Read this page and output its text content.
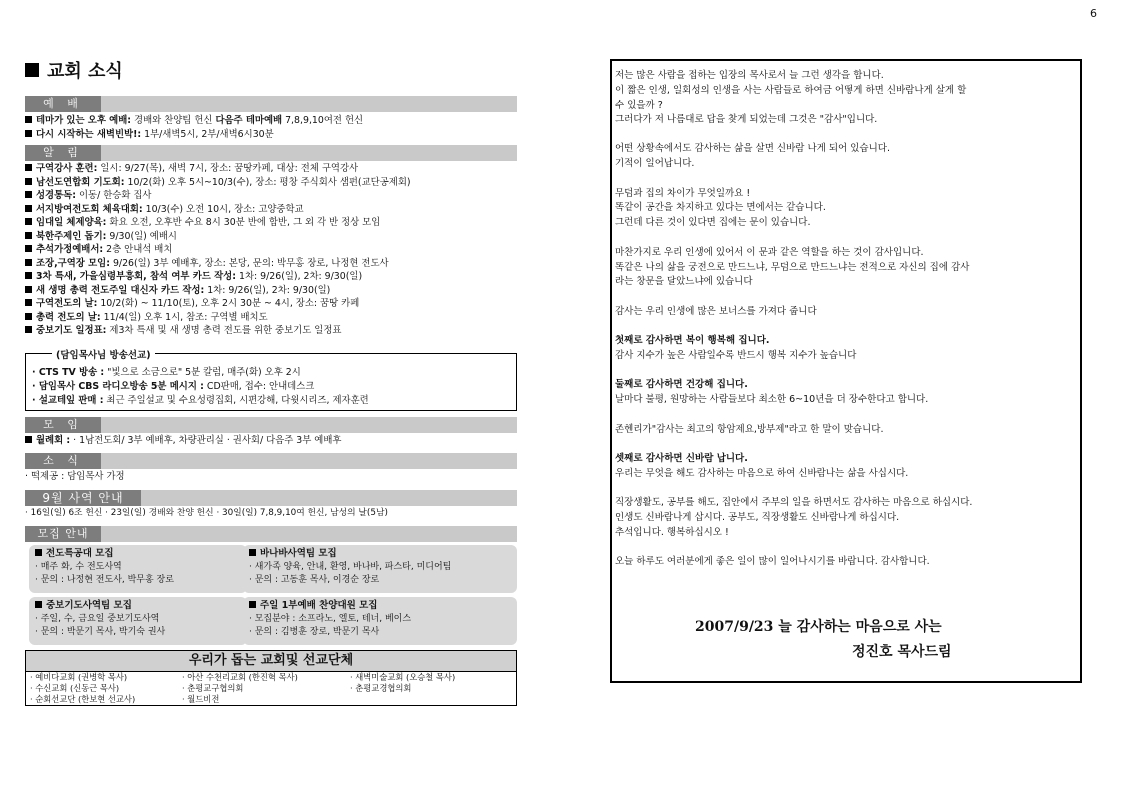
6
교회 소식
예 배
테마가 있는 오후 예배: 경배와 찬양팀 헌신 다음주 테마예배 7,8,9,10여전 헌신
다시 시작하는 새벽빈박!: 1부/새벽5시, 2부/새벽6시30분
알 림
구역강사 훈련: 일시: 9/27(목), 새벽 7시, 장소: 꿈땅카페, 대상: 전체 구역강사
남선도연합회 기도회: 10/2(화) 오후 5시~10/3(수), 장소: 평창 주식회사 샘펀(교단공제회)
성경통독: 이동/ 한승화 집사
서지방여전도회 체육대회: 10/3(수) 오전 10시, 장소: 고양중학교
임대일 체제양육: 화요 오전, 오후반 수요 8시 30분 반에 합반, 그 외 각 반 정상 모임
북한주제인 돕기: 9/30(일) 예배시
추석가정예배서: 2층 안내석 배치
조장,구역장 모임: 9/26(일) 3부 예배후, 장소: 본당, 문의: 박무홍 장로, 나정현 전도사
3차 특새, 가을심령부흥회, 참석 여부 카드 작성: 1차: 9/26(일), 2차: 9/30(일)
새 생명 총력 전도주일 대신자 카드 작성: 1차: 9/26(일), 2차: 9/30(일)
구역전도의 날: 10/2(화) ~ 11/10(토), 오후 2시 30분 ~ 4시, 장소: 꿈땅 카페
총력 전도의 날: 11/4(일) 오후 1시, 참조: 구역별 배치도
중보기도 일정표: 제3차 특새 및 새 생명 총력 전도를 위한 중보기도 일정표
(담임목사님 방송선교)
· CTS TV 방송 : "빛으로 소금으로" 5분 칼럼, 매주(화) 오후 2시
· 담임목사 CBS 라디오방송 5분 메시지 : CD판매, 접수: 안내데스크
· 설교테잎 판매 : 최근 주일설교 및 수요성령집회, 시편강해, 다윗시리즈, 제자훈련
모 임
월례회 : · 1남전도회/ 3부 예배후, 차량관리실 · 권사회/ 다음주 3부 예배후
소 식
· 떡제공 : 담임목사 가정
9월 사역 안내
· 16일(일) 6조 헌신 · 23일(일) 경배와 찬양 헌신 · 30일(일) 7,8,9,10여 헌신, 남성의 날(5남)
모집 안내
전도특공대 모집
· 매주 화, 수 전도사역
· 문의 : 나정현 전도사, 박무홍 장로
바나바사역팀 모집
· 새가족 양육, 안내, 환영, 바나바, 파스타, 미디어팀
· 문의 : 고동훈 목사, 이경순 장로
중보기도사역팀 모집
· 주일, 수, 금요일 중보기도사역
· 문의 : 박문기 목사, 박기숙 권사
주일 1부예배 찬양대원 모집
· 모집분야 : 소프라노, 엘토, 테너, 베이스
· 문의 : 김병훈 장로, 박문기 목사
우리가 돕는 교회및 선교단체
· 예비다교회 (권병학 목사)	· 아산 수천리교회 (한진혁 목사)	· 새벽미술교회 (오승철 목사)
· 수신교회 (신동근 목사)	· 춘평교구협의회	· 춘평교경협의회
· 순회선교단 (한보현 선교사)	· 월드비전
2007/9/23 늘 감사하는 마음으로 사는
정진호 목사드림
저는 많은 사람을 접하는 입장의 목사로서 늘 그런 생각을 합니다.
이 짧은 인생, 일회성의 인생을 사는 사람들로 하여금 어떻게 하면 신바람나게 살게 할
수 있을까 ?
그러다가 저 나름대로 답을 찾게 되었는데 그것은 "감사"입니다.
어떤 상황속에서도 감사하는 삶을 살면 신바람 나게 되어 있습니다.
기적이 일어납니다.
무덤과 집의 차이가 무엇일까요 !
똑같이 공간을 차지하고 있다는 면에서는 같습니다.
그런데 다른 것이 있다면 집에는 문이 있습니다.
마찬가지로 우리 인생에 있어서 이 문과 같은 역할을 하는 것이 감사입니다.
똑같은 나의 삶을 궁전으로 만드느냐, 무덤으로 만드느냐는 전적으로 자신의 집에 감사
라는 창문을 달았느냐에 있습니다
감사는 우리 인생에 많은 보너스를 가져다 줍니다
첫째로 감사하면 복이 행복해 집니다.
감사 지수가 높은 사람일수록 반드시 행복 지수가 높습니다
둘째로 감사하면 건강해 집니다.
날마다 불평, 원망하는 사람들보다 최소한 6~10년을 더 장수한다고 합니다.
존헨리가"감사는 최고의 항암제요,방부제"라고 한 말이 맞습니다.
셋째로 감사하면 신바람 납니다.
우리는 무엇을 해도 감사하는 마음으로 하여 신바람나는 삶을 사십시다.
직장생활도, 공부를 해도, 집안에서 주부의 일을 하면서도 감사하는 마음으로 하십시다.
인생도 신바람나게 삽시다. 공부도, 직장생활도 신바람나게 하십시다.
추석입니다. 행복하십시오 !
오늘 하루도 여러분에게 좋은 일이 많이 일어나시기를 바랍니다. 감사합니다.
